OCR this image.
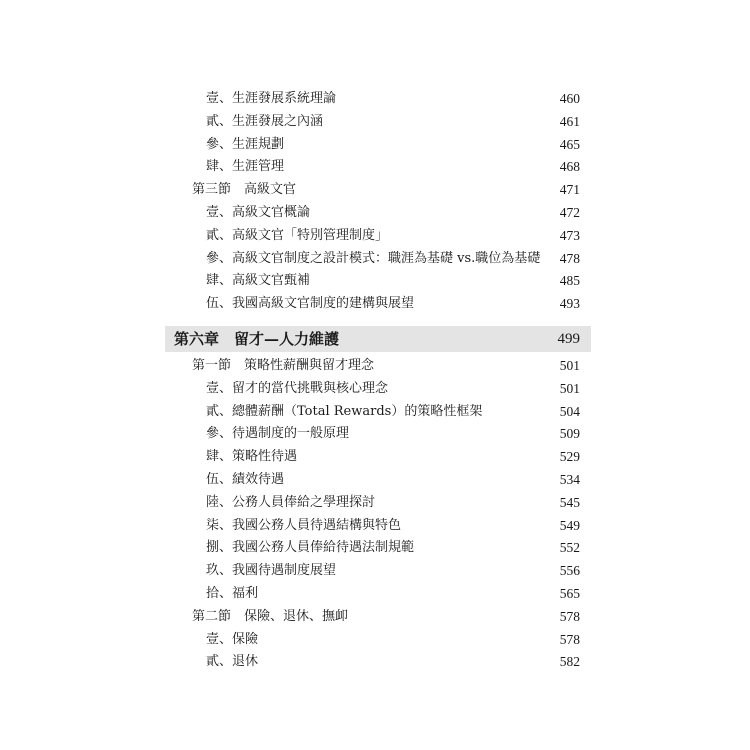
壹、生涯發展系統理論	460
貳、生涯發展之內涵	461
參、生涯規劃	465
肆、生涯管理	468
第三節　高級文官	471
壹、高級文官概論	472
貳、高級文官「特別管理制度」	473
參、高級文官制度之設計模式：職涯為基礎 vs.職位為基礎 478
肆、高級文官甄補	485
伍、我國高級文官制度的建構與展望	493
第六章　留才—人力維護	499
第一節　策略性薪酬與留才理念	501
壹、留才的當代挑戰與核心理念	501
貳、總體薪酬（Total Rewards）的策略性框架	504
參、待遇制度的一般原理	509
肆、策略性待遇	529
伍、績效待遇	534
陸、公務人員俸給之學理探討	545
柒、我國公務人員待遇結構與特色	549
捌、我國公務人員俸給待遇法制規範	552
玖、我國待遇制度展望	556
拾、福利	565
第二節　保險、退休、撫卹	578
壹、保險	578
貳、退休	582
